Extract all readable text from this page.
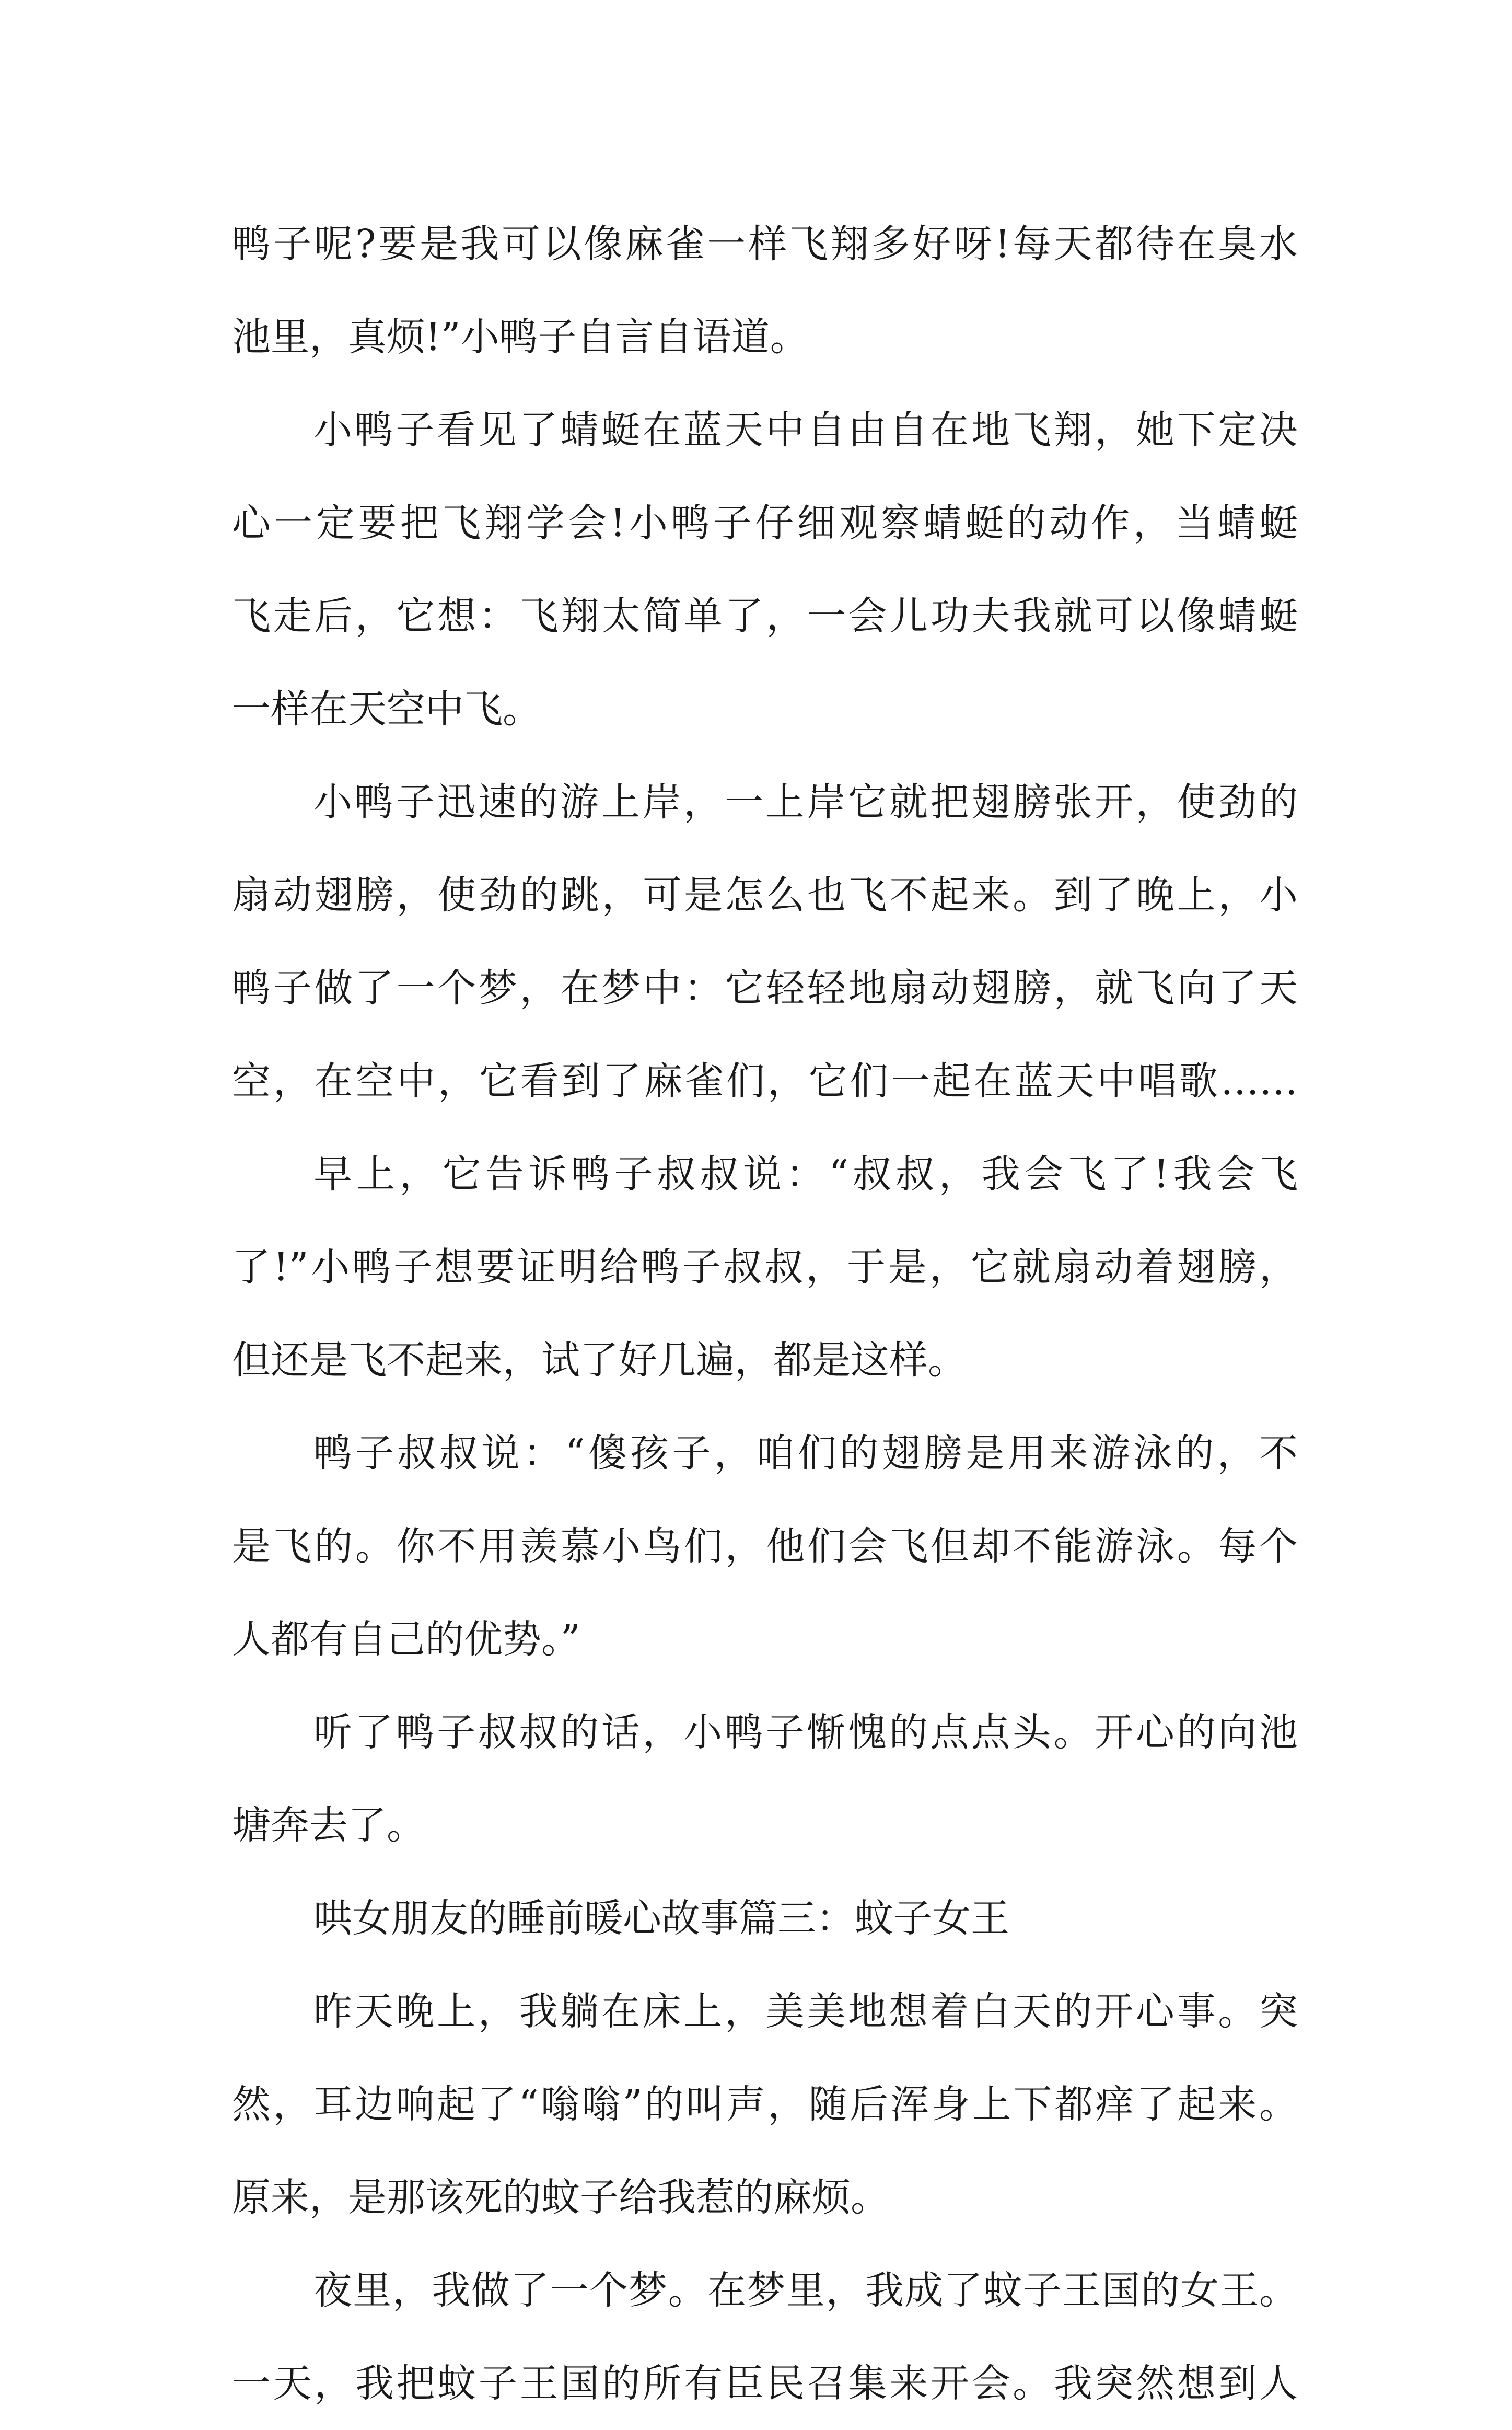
鸭子呢?要是我可以像麻雀一样飞翔多好呀!每天都待在臭水
池里，真烦!”小鸭子自言自语道。
小鸭子看见了蜻蜓在蓝天中自由自在地飞翔，她下定决
心一定要把飞翔学会!小鸭子仔细观察蜻蜓的动作，当蜻蜓
飞走后，它想：飞翔太简单了，一会儿功夫我就可以像蜻蜓
一样在天空中飞。
小鸭子迅速的游上岸，一上岸它就把翅膀张开，使劲的
扇动翅膀，使劲的跳，可是怎么也飞不起来。到了晚上，小
鸭子做了一个梦，在梦中：它轻轻地扇动翅膀，就飞向了天
空，在空中，它看到了麻雀们，它们一起在蓝天中唱歌……
早上，它告诉鸭子叔叔说：“叔叔，我会飞了!我会飞
了!”小鸭子想要证明给鸭子叔叔，于是，它就扇动着翅膀，
但还是飞不起来，试了好几遍，都是这样。
鸭子叔叔说：“傻孩子，咱们的翅膀是用来游泳的，不
是飞的。你不用羡慕小鸟们，他们会飞但却不能游泳。每个
人都有自己的优势。”
听了鸭子叔叔的话，小鸭子惭愧的点点头。开心的向池
塘奔去了。
哄女朋友的睡前暖心故事篇三：蚊子女王
昨天晚上，我躺在床上，美美地想着白天的开心事。突
然，耳边响起了“嗡嗡”的叫声，随后浑身上下都痒了起来。
原来，是那该死的蚊子给我惹的麻烦。
夜里，我做了一个梦。在梦里，我成了蚊子王国的女王。
一天，我把蚊子王国的所有臣民召集来开会。我突然想到人
